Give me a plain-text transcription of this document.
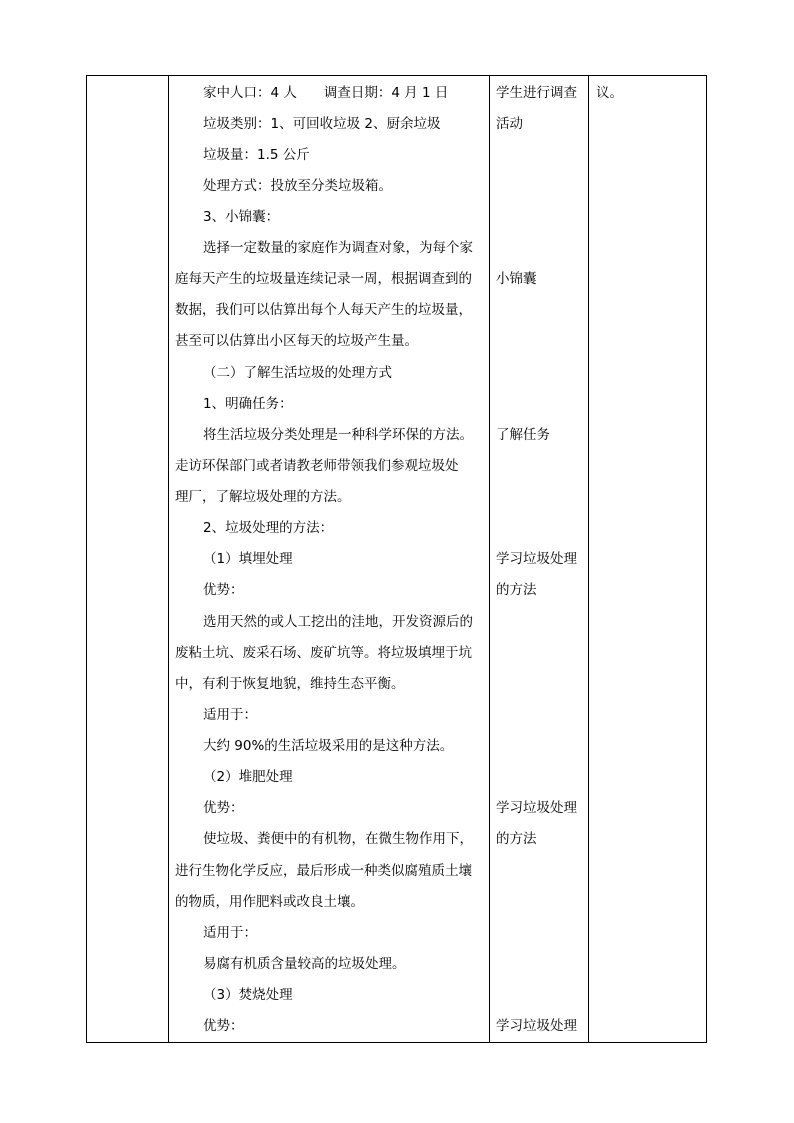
家中人口：4 人　　调查日期：4 月 1 日
垃圾类别：1、可回收垃圾 2、厨余垃圾
垃圾量：1.5 公斤
处理方式：投放至分类垃圾箱。
3、小锦囊：
选择一定数量的家庭作为调查对象，为每个家
庭每天产生的垃圾量连续记录一周，根据调查到的
数据，我们可以估算出每个人每天产生的垃圾量，
甚至可以估算出小区每天的垃圾产生量。
（二）了解生活垃圾的处理方式
1、明确任务：
将生活垃圾分类处理是一种科学环保的方法。
走访环保部门或者请教老师带领我们参观垃圾处
理厂，了解垃圾处理的方法。
2、垃圾处理的方法：
（1）填埋处理
优势：
选用天然的或人工挖出的洼地，开发资源后的
废粘土坑、废采石场、废矿坑等。将垃圾填埋于坑
中，有利于恢复地貌，维持生态平衡。
适用于：
大约 90%的生活垃圾采用的是这种方法。
（2）堆肥处理
优势：
使垃圾、粪便中的有机物，在微生物作用下，
进行生物化学反应，最后形成一种类似腐殖质土壤
的物质，用作肥料或改良土壤。
适用于：
易腐有机质含量较高的垃圾处理。
（3）焚烧处理
优势：
学生进行调查
活动
小锦囊
了解任务
学习垃圾处理
的方法
学习垃圾处理
的方法
学习垃圾处理
议。
